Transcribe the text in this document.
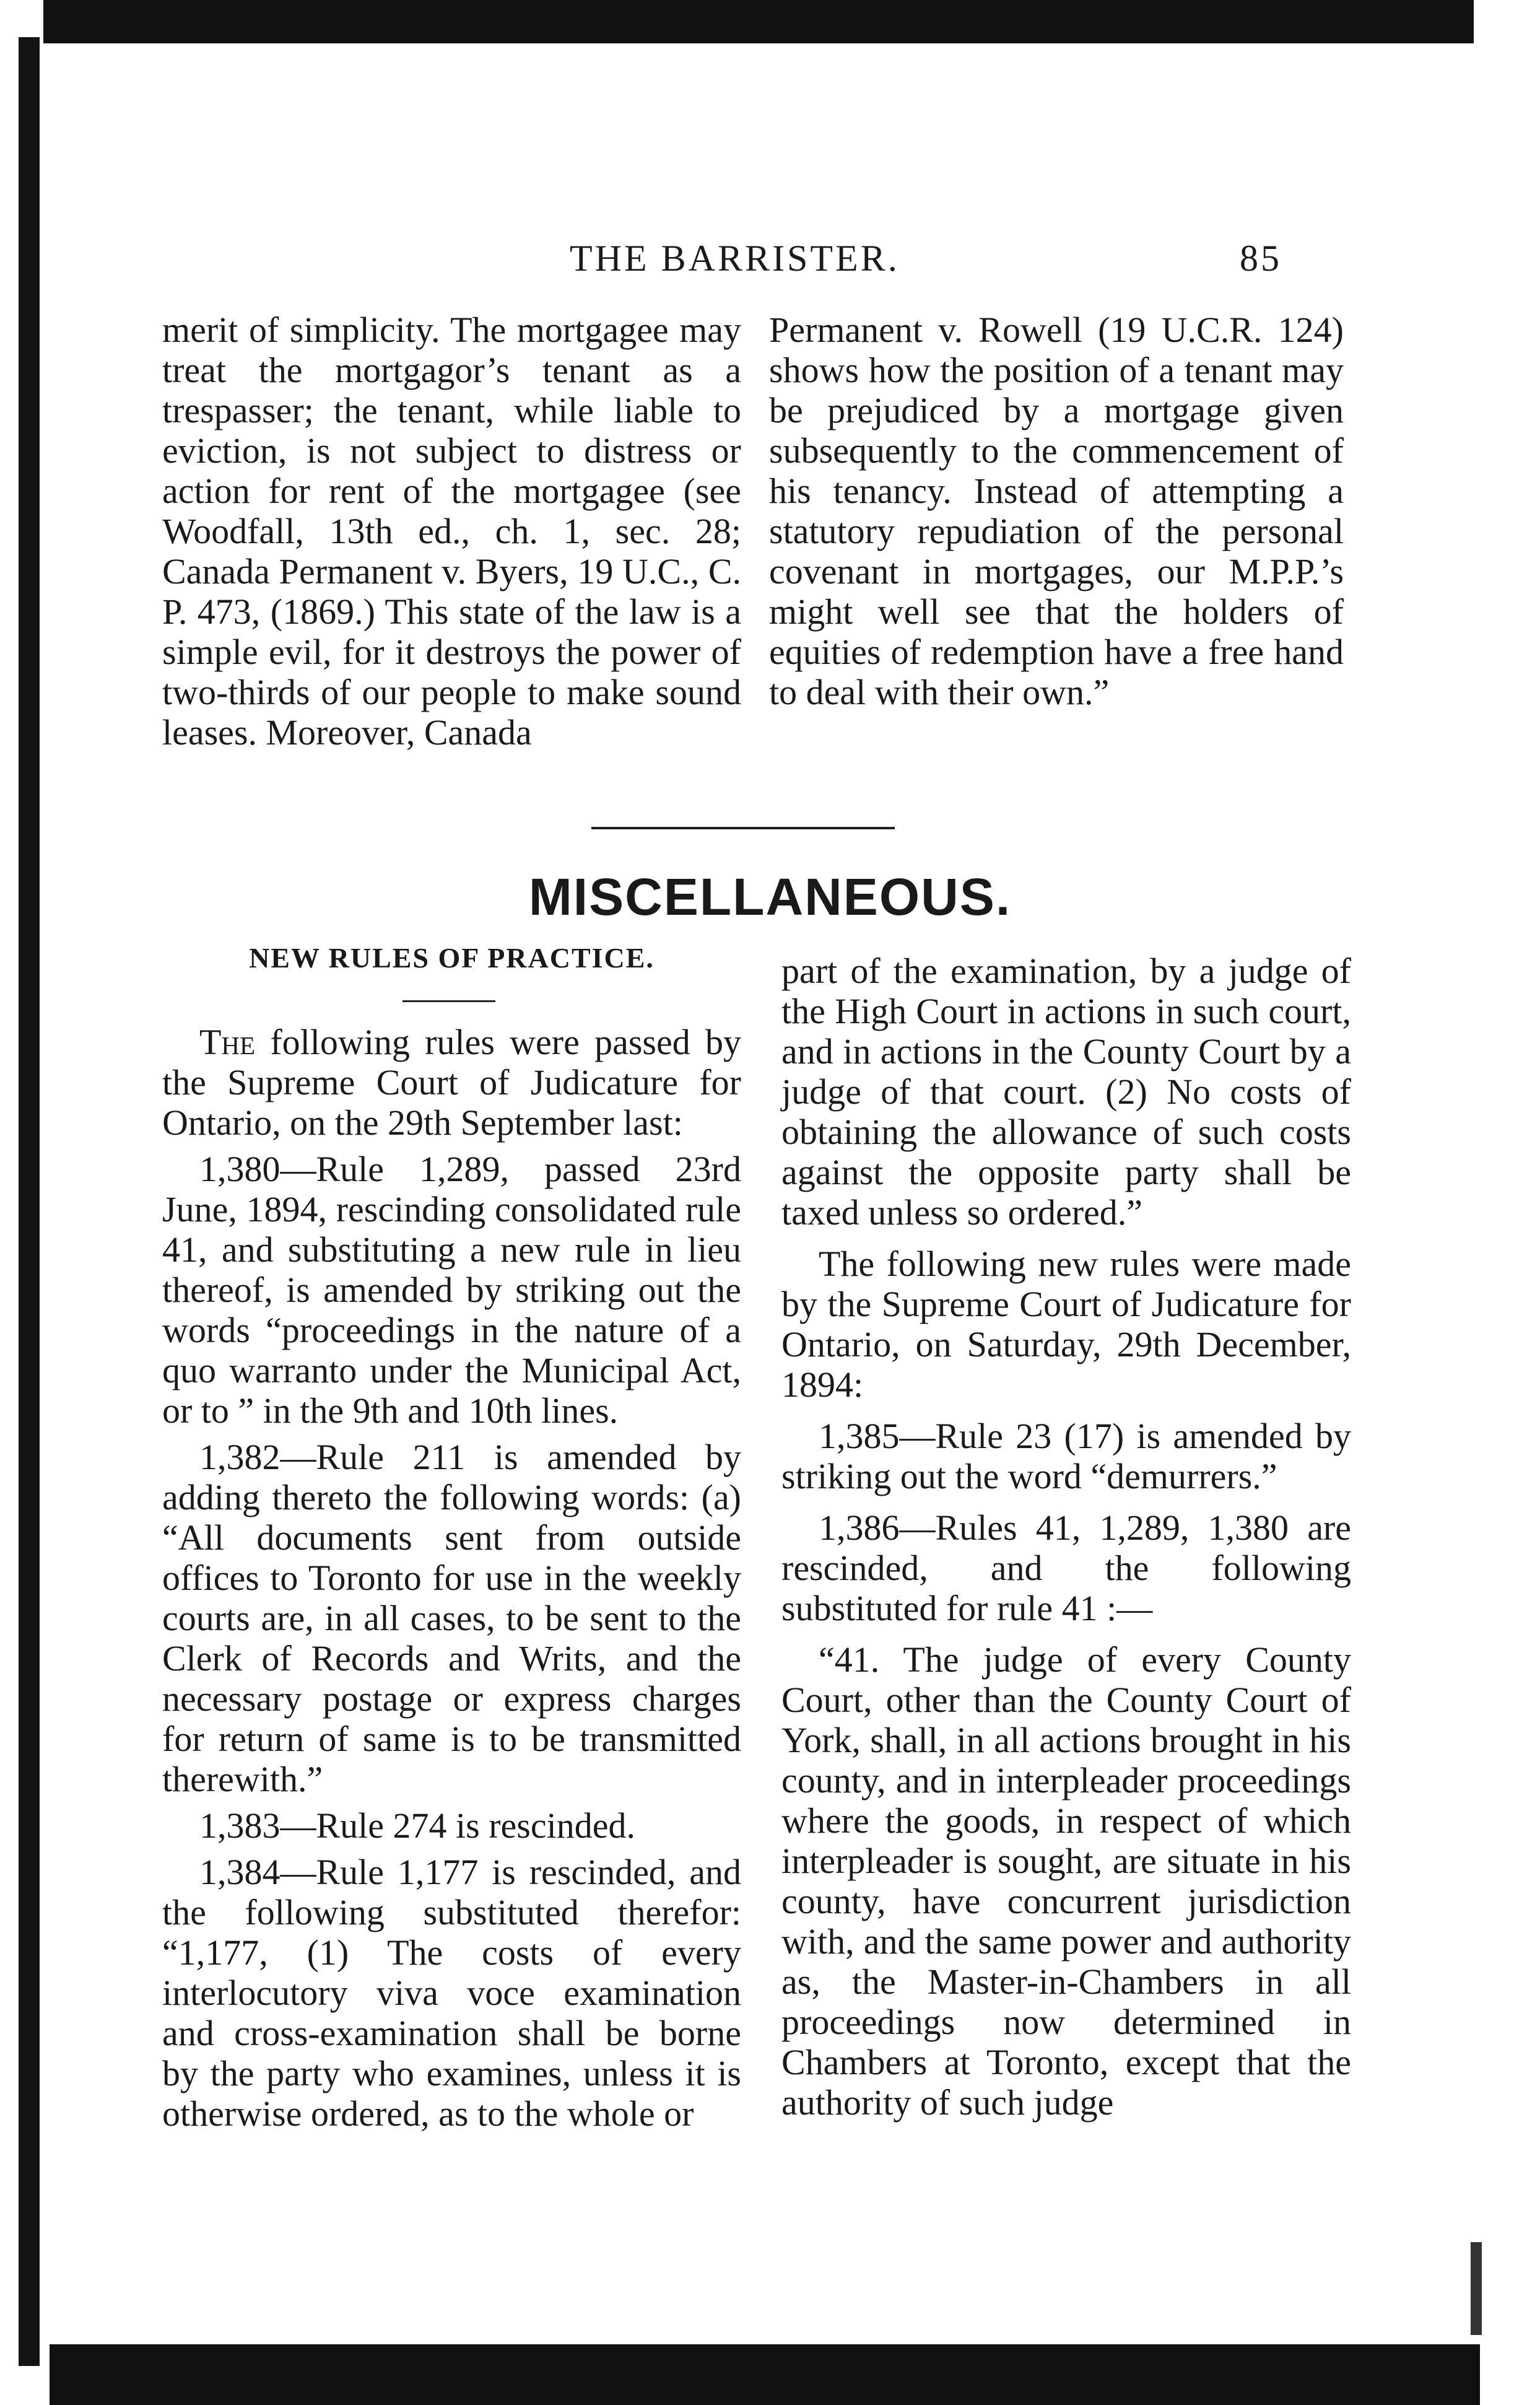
THE BARRISTER.	85

merit of simplicity. The mortgagee may treat the mortgagor’s tenant as a trespasser; the tenant, while liable to eviction, is not subject to distress or action for rent of the mortgagee (see Woodfall, 13th ed., ch. 1, sec. 28; Canada Permanent v. Byers, 19 U.C., C. P. 473, (1869.) This state of the law is a simple evil, for it destroys the power of two-thirds of our people to make sound leases. Moreover, Canada

Permanent v. Rowell (19 U.C.R. 124) shows how the position of a tenant may be prejudiced by a mortgage given subsequently to the commencement of his tenancy. Instead of attempting a statutory repudiation of the personal covenant in mortgages, our M.P.P.’s might well see that the holders of equities of redemption have a free hand to deal with their own.”

MISCELLANEOUS.
NEW RULES OF PRACTICE.

The following rules were passed by the Supreme Court of Judicature for Ontario, on the 29th September last:

1,380—Rule 1,289, passed 23rd June, 1894, rescinding consolidated rule 41, and substituting a new rule in lieu thereof, is amended by striking out the words “proceedings in the nature of a quo warranto under the Municipal Act, or to ” in the 9th and 10th lines.

1,382—Rule 211 is amended by adding thereto the following words: (a) “All documents sent from outside offices to Toronto for use in the weekly courts are, in all cases, to be sent to the Clerk of Records and Writs, and the necessary postage or express charges for return of same is to be transmitted therewith.”

1,383—Rule 274 is rescinded.

1,384—Rule 1,177 is rescinded, and the following substituted therefor: “1,177, (1) The costs of every interlocutory viva voce examination and cross-examination shall be borne by the party who examines, unless it is otherwise ordered, as to the whole or

part of the examination, by a judge of the High Court in actions in such court, and in actions in the County Court by a judge of that court. (2) No costs of obtaining the allowance of such costs against the opposite party shall be taxed unless so ordered.”

The following new rules were made by the Supreme Court of Judicature for Ontario, on Saturday, 29th December, 1894:

1,385—Rule 23 (17) is amended by striking out the word “demurrers.”

1,386—Rules 41, 1,289, 1,380 are rescinded, and the following substituted for rule 41 :—

“41. The judge of every County Court, other than the County Court of York, shall, in all actions brought in his county, and in interpleader proceedings where the goods, in respect of which interpleader is sought, are situate in his county, have concurrent jurisdiction with, and the same power and authority as, the Master-in-Chambers in all proceedings now determined in Chambers at Toronto, except that the authority of such judge
